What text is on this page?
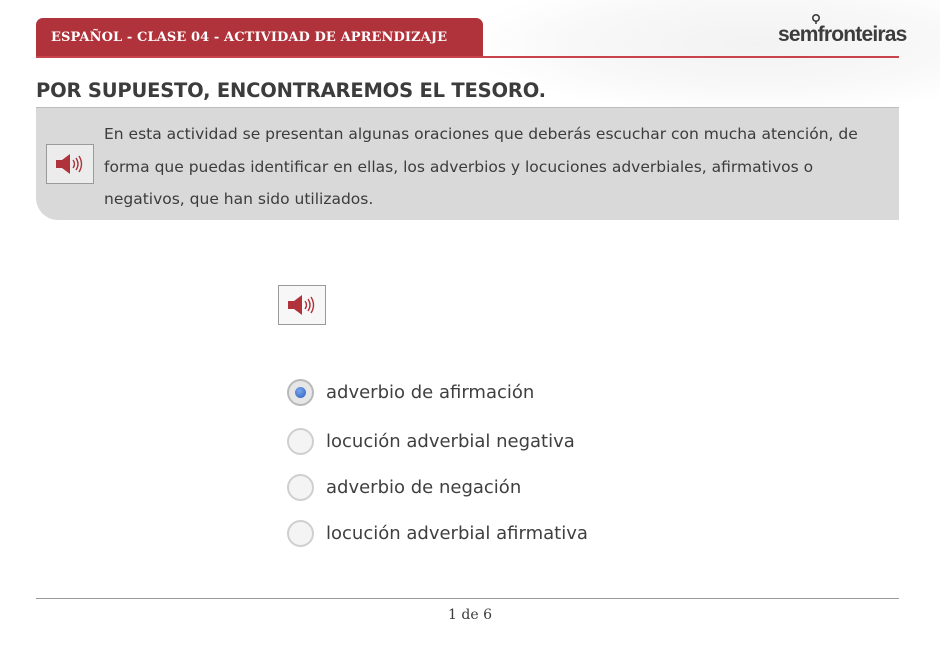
ESPAÑOL - CLASE 04 - ACTIVIDAD DE APRENDIZAJE	semfronteiras
POR SUPUESTO, ENCONTRAREMOS EL TESORO.

En esta actividad se presentan algunas oraciones que deberás escuchar con mucha atención, de forma que puedas identificar en ellas, los adverbios y locuciones adverbiales, afirmativos o negativos, que han sido utilizados.

adverbio de afirmación
locución adverbial negativa
adverbio de negación
locución adverbial afirmativa
1 de 6
